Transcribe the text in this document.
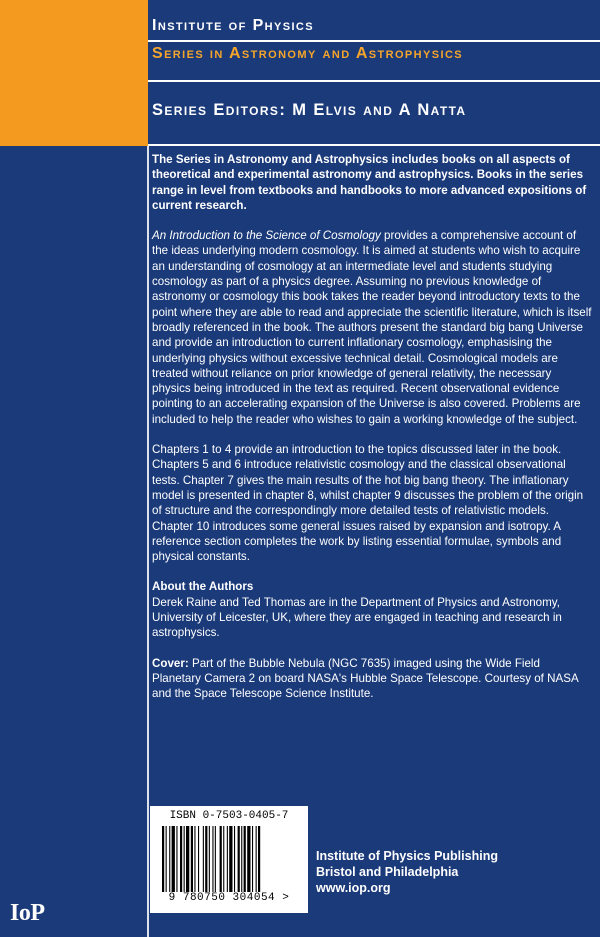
Institute of Physics
Series in Astronomy and Astrophysics
Series Editors: M Elvis and A Natta

The Series in Astronomy and Astrophysics includes books on all aspects of theoretical and experimental astronomy and astrophysics. Books in the series range in level from textbooks and handbooks to more advanced expositions of current research.

An Introduction to the Science of Cosmology provides a comprehensive account of the ideas underlying modern cosmology. It is aimed at students who wish to acquire an understanding of cosmology at an intermediate level and students studying cosmology as part of a physics degree. Assuming no previous knowledge of astronomy or cosmology this book takes the reader beyond introductory texts to the point where they are able to read and appreciate the scientific literature, which is itself broadly referenced in the book. The authors present the standard big bang Universe and provide an introduction to current inflationary cosmology, emphasising the underlying physics without excessive technical detail. Cosmological models are treated without reliance on prior knowledge of general relativity, the necessary physics being introduced in the text as required. Recent observational evidence pointing to an accelerating expansion of the Universe is also covered. Problems are included to help the reader who wishes to gain a working knowledge of the subject.

Chapters 1 to 4 provide an introduction to the topics discussed later in the book. Chapters 5 and 6 introduce relativistic cosmology and the classical observational tests. Chapter 7 gives the main results of the hot big bang theory. The inflationary model is presented in chapter 8, whilst chapter 9 discusses the problem of the origin of structure and the correspondingly more detailed tests of relativistic models. Chapter 10 introduces some general issues raised by expansion and isotropy. A reference section completes the work by listing essential formulae, symbols and physical constants.

About the Authors
Derek Raine and Ted Thomas are in the Department of Physics and Astronomy, University of Leicester, UK, where they are engaged in teaching and research in astrophysics.

Cover: Part of the Bubble Nebula (NGC 7635) imaged using the Wide Field Planetary Camera 2 on board NASA's Hubble Space Telescope. Courtesy of NASA and the Space Telescope Science Institute.

ISBN 0-7503-0405-7
9 780750 304054 >
Institute of Physics Publishing
Bristol and Philadelphia
www.iop.org
IoP
